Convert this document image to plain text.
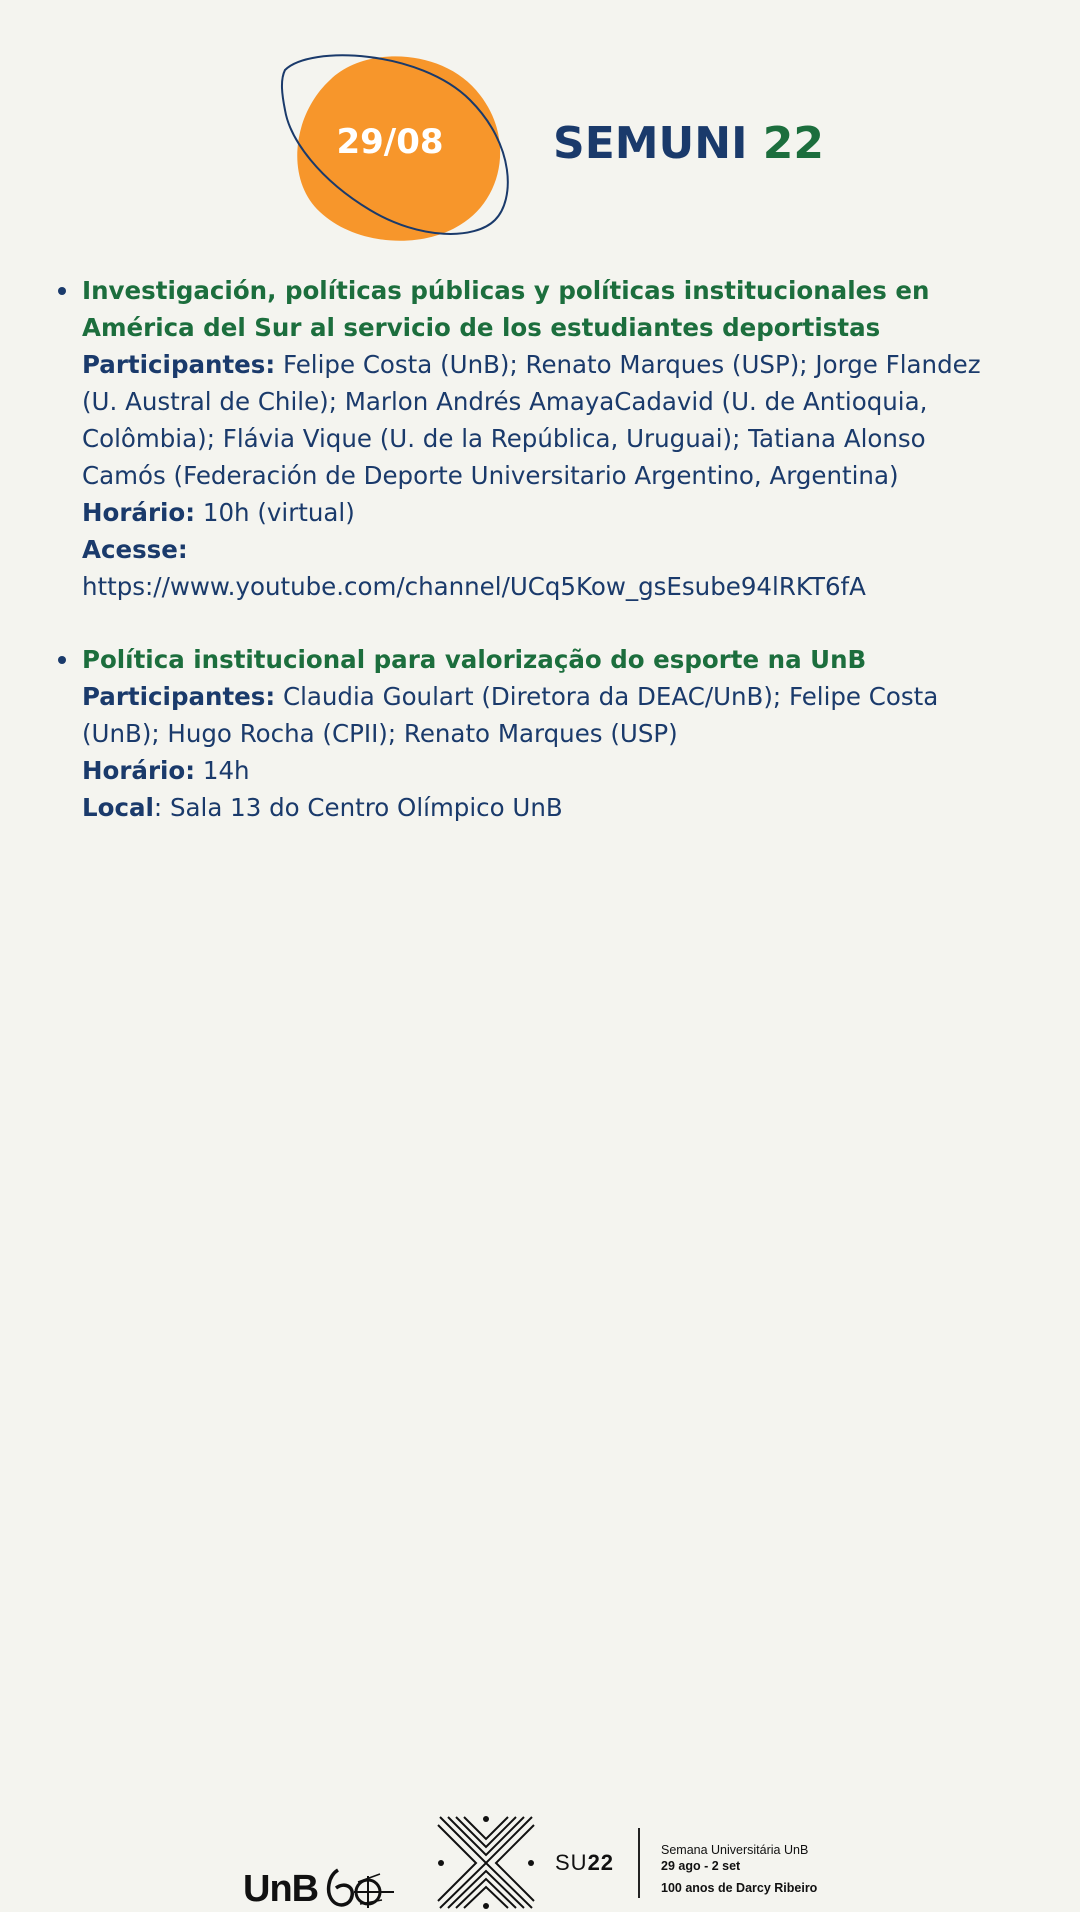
29/08	SEMUNI 22

Investigación, políticas públicas y políticas institucionales en América del Sur al servicio de los estudiantes deportistas

Participantes: Felipe Costa (UnB); Renato Marques (USP); Jorge Flandez (U. Austral de Chile); Marlon Andrés AmayaCadavid (U. de Antioquia, Colômbia); Flávia Vique (U. de la República, Uruguai); Tatiana Alonso Camós (Federación de Deporte Universitario Argentino, Argentina)

Horário: 10h (virtual)

Acesse:

https://www.youtube.com/channel/UCq5Kow_gsEsube94lRKT6fA

Política institucional para valorização do esporte na UnB

Participantes: Claudia Goulart (Diretora da DEAC/UnB); Felipe Costa (UnB); Hugo Rocha (CPII); Renato Marques (USP)

Horário: 14h

Local: Sala 13 do Centro Olímpico UnB

UnB
SU22	Semana Universitária UnB
29 ago - 2 set
100 anos de Darcy Ribeiro
